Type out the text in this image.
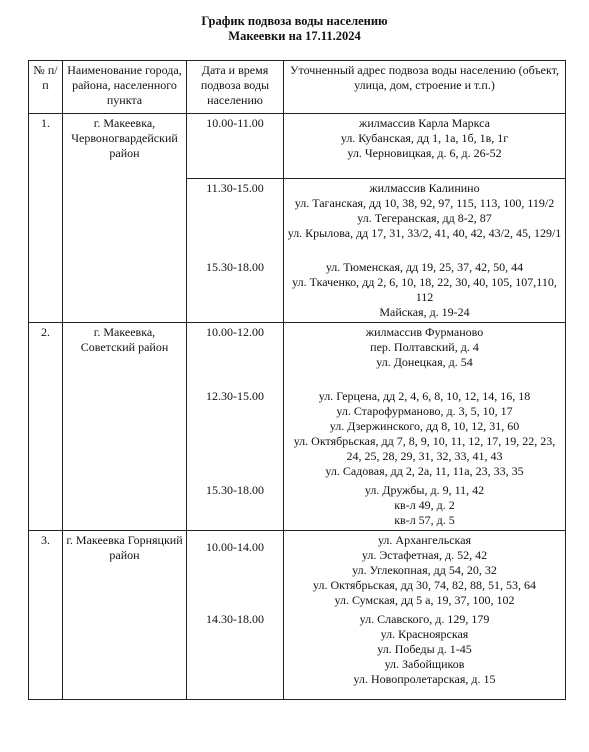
График подвоза воды населению
Макеевки на 17.11.2024
№ п/п	Наименование города, района, населенного пункта	Дата и время подвоза воды населению	Уточненный адрес подвоза воды населению (объект, улица, дом, строение и т.п.)
1.	г. Макеевка, Червоногвардейский район	10.00-11.00	жилмассив Карла Маркса
ул. Кубанская, дд 1, 1а, 1б, 1в, 1г
ул. Черновицкая, д. 6, д. 26-52

		11.30-15.00	жилмассив Калинино
ул. Таганская, дд 10, 38, 92, 97, 115, 113, 100, 119/2
ул. Тегеранская, дд 8-2, 87
ул. Крылова, дд 17, 31, 33/2, 41, 40, 42, 43/2, 45, 129/1

		15.30-18.00	ул. Тюменская, дд 19, 25, 37, 42, 50, 44
ул. Ткаченко, дд 2, 6, 10, 18, 22, 30, 40, 105, 107,110, 112
Майская, д. 19-24

2.	г. Макеевка, Советский район	10.00-12.00	жилмассив Фурманово
пер. Полтавский, д. 4
ул. Донецкая, д. 54

		12.30-15.00	ул. Герцена, дд 2, 4, 6, 8, 10, 12, 14, 16, 18
ул. Старофурманово, д. 3, 5, 10, 17
ул. Дзержинского, дд 8, 10, 12, 31, 60
ул. Октябрьская, дд 7, 8, 9, 10, 11, 12, 17, 19, 22, 23, 24, 25, 28, 29, 31, 32, 33, 41, 43
ул. Садовая, дд 2, 2а, 11, 11а, 23, 33, 35

		15.30-18.00	ул. Дружбы, д. 9, 11, 42
кв-л 49, д. 2
кв-л 57, д. 5

3.	г. Макеевка Горняцкий район	10.00-14.00	ул. Архангельская
ул. Эстафетная, д. 52, 42
ул. Углекопная, дд 54, 20, 32
ул. Октябрьская, дд 30, 74, 82, 88, 51, 53, 64
ул. Сумская, дд 5 а, 19, 37, 100, 102

		14.30-18.00	ул. Славского, д. 129, 179
ул. Красноярская
ул. Победы д. 1-45
ул. Забойщиков
ул. Новопролетарская, д. 15
